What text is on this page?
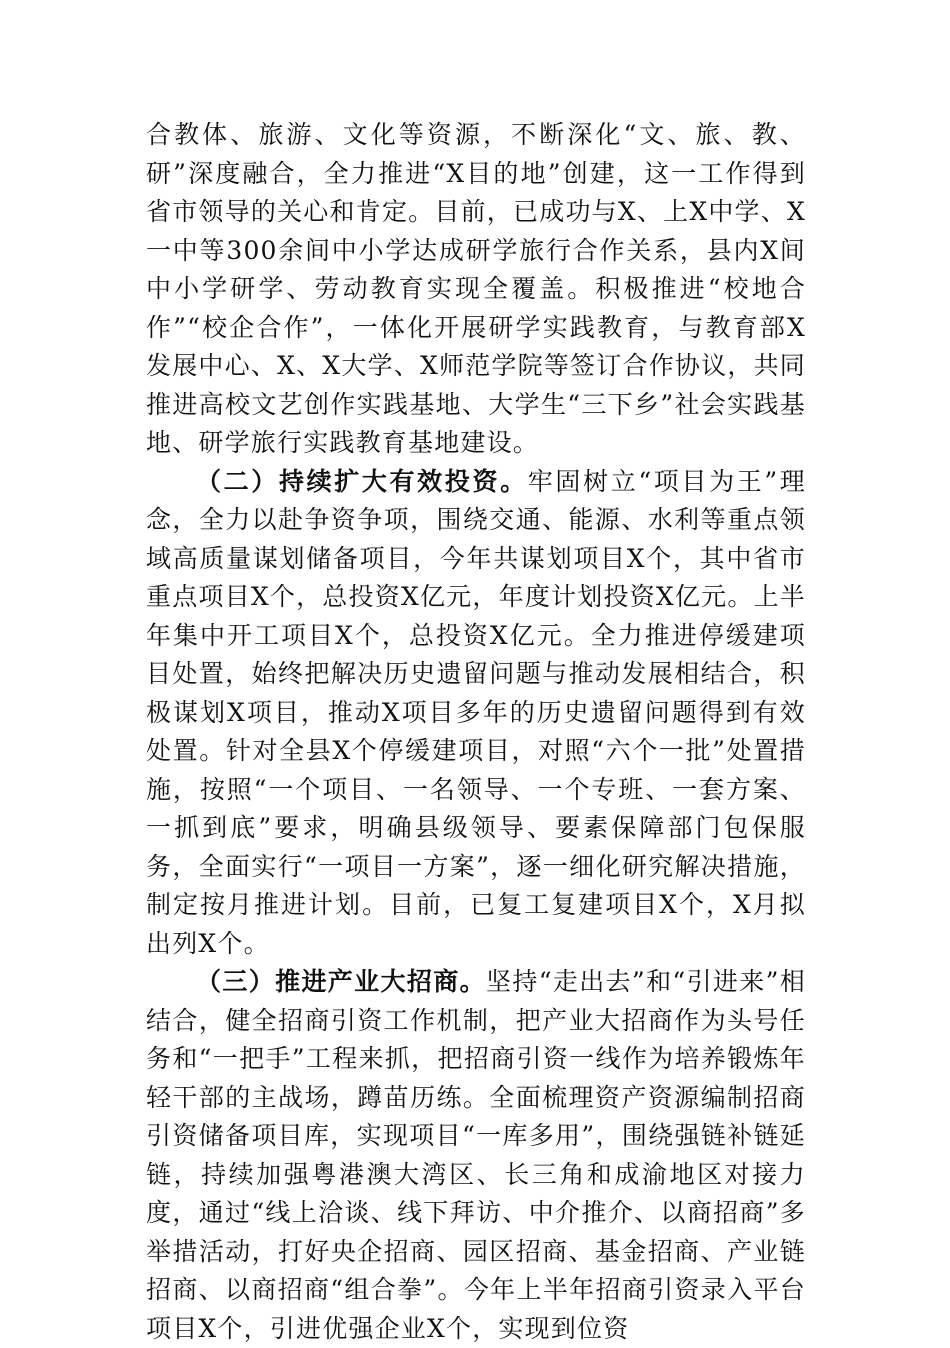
合教体、旅游、文化等资源，不断深化“文、旅、教、研”深度融合，全力推进“X目的地”创建，这一工作得到省市领导的关心和肯定。目前，已成功与X、上X中学、X一中等300余间中小学达成研学旅行合作关系，县内X间中小学研学、劳动教育实现全覆盖。积极推进“校地合作”“校企合作”，一体化开展研学实践教育，与教育部X发展中心、X、X大学、X师范学院等签订合作协议，共同推进高校文艺创作实践基地、大学生“三下乡”社会实践基地、研学旅行实践教育基地建设。

（二）持续扩大有效投资。牢固树立“项目为王”理念，全力以赴争资争项，围绕交通、能源、水利等重点领域高质量谋划储备项目，今年共谋划项目X个，其中省市重点项目X个，总投资X亿元，年度计划投资X亿元。上半年集中开工项目X个，总投资X亿元。全力推进停缓建项目处置，始终把解决历史遗留问题与推动发展相结合，积极谋划X项目，推动X项目多年的历史遗留问题得到有效处置。针对全县X个停缓建项目，对照“六个一批”处置措施，按照“一个项目、一名领导、一个专班、一套方案、一抓到底”要求，明确县级领导、要素保障部门包保服务，全面实行“一项目一方案”，逐一细化研究解决措施，制定按月推进计划。目前，已复工复建项目X个，X月拟出列X个。

（三）推进产业大招商。坚持“走出去”和“引进来”相结合，健全招商引资工作机制，把产业大招商作为头号任务和“一把手”工程来抓，把招商引资一线作为培养锻炼年轻干部的主战场，蹲苗历练。全面梳理资产资源编制招商引资储备项目库，实现项目“一库多用”，围绕强链补链延链，持续加强粤港澳大湾区、长三角和成渝地区对接力度，通过“线上洽谈、线下拜访、中介推介、以商招商”多举措活动，打好央企招商、园区招商、基金招商、产业链招商、以商招商“组合拳”。今年上半年招商引资录入平台项目X个，引进优强企业X个，实现到位资
